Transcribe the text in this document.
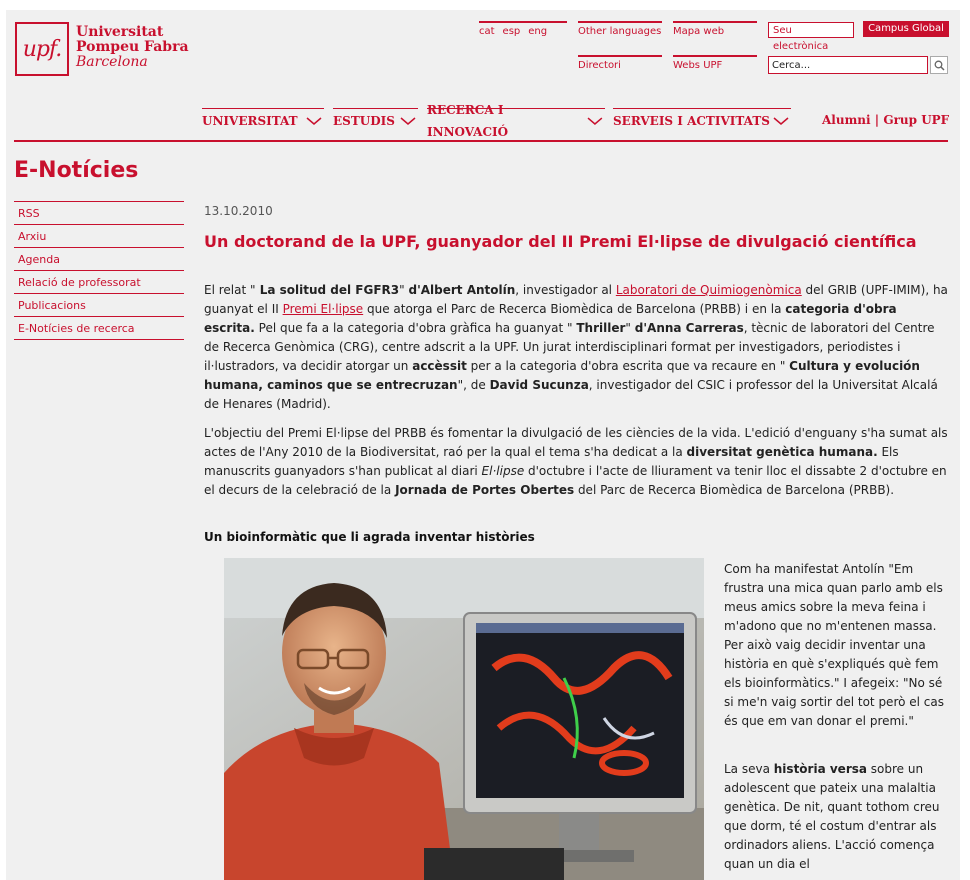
upf.
Universitat
Pompeu Fabra
Barcelona
cat esp eng	Other languages Mapa web
Directori	Webs UPF
Seu electrònica
Campus Global
Cerca...
UNIVERSITAT	ESTUDIS
RECERCA I INNOVACIÓ
SERVEIS I ACTIVITATS	Alumni | Grup UPF
E-Notícies
RSS
Arxiu
Agenda
Relació de professorat
Publicacions
E-Notícies de recerca
13.10.2010
Un doctorand de la UPF, guanyador del II Premi El·lipse de divulgació científica
El relat " La solitud del FGFR3" d'Albert Antolín, investigador al Laboratori de Quimiogenòmica del GRIB (UPF-IMIM), ha guanyat el II Premi El·lipse que atorga el Parc de Recerca Biomèdica de Barcelona (PRBB) i en la categoria d'obra escrita. Pel que fa a la categoria d'obra gràfica ha guanyat " Thriller" d'Anna Carreras, tècnic de laboratori del Centre de Recerca Genòmica (CRG), centre adscrit a la UPF. Un jurat interdisciplinari format per investigadors, periodistes i il·lustradors, va decidir atorgar un accèssit per a la categoria d'obra escrita que va recaure en " Cultura y evolución humana, caminos que se entrecruzan", de David Sucunza, investigador del CSIC i professor del la Universitat Alcalá de Henares (Madrid).
L'objectiu del Premi El·lipse del PRBB és fomentar la divulgació de les ciències de la vida. L'edició d'enguany s'ha sumat als actes de l'Any 2010 de la Biodiversitat, raó per la qual el tema s'ha dedicat a la diversitat genètica humana. Els manuscrits guanyadors s'han publicat al diari El·lipse d'octubre i l'acte de lliurament va tenir lloc el dissabte 2 d'octubre en el decurs de la celebració de la Jornada de Portes Obertes del Parc de Recerca Biomèdica de Barcelona (PRBB).
Un bioinformàtic que li agrada inventar històries
Com ha manifestat Antolín "Em frustra una mica quan parlo amb els meus amics sobre la meva feina i m'adono que no m'entenen massa. Per això vaig decidir inventar una història en què s'expliqués què fem els bioinformàtics." I afegeix: "No sé si me'n vaig sortir del tot però el cas és que em van donar el premi."
La seva història versa sobre un adolescent que pateix una malaltia genètica. De nit, quant tothom creu que dorm, té el costum d'entrar als ordinadors aliens. L'acció comença quan un dia el
